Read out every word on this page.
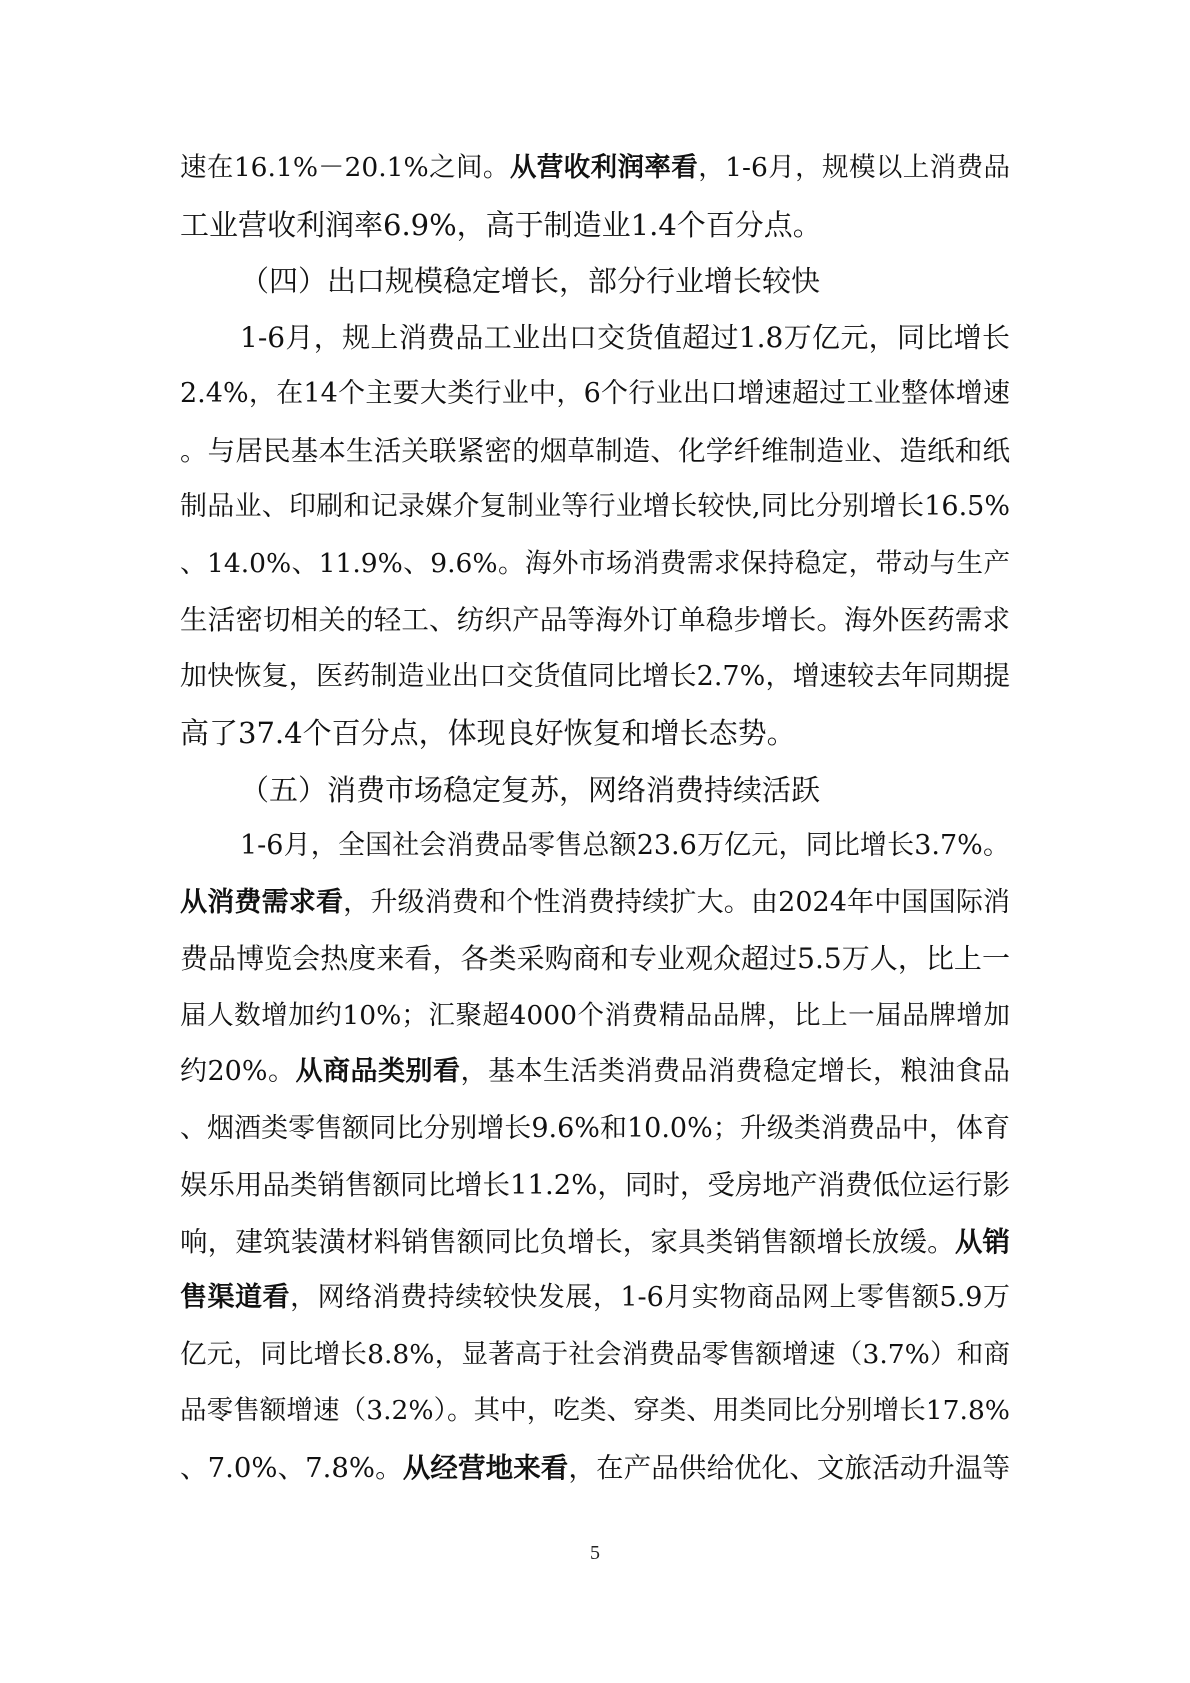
速在16.1%－20.1%之间。从营收利润率看，1-6月，规模以上消费品
工业营收利润率6.9%，高于制造业1.4个百分点。
（四）出口规模稳定增长，部分行业增长较快
1-6月，规上消费品工业出口交货值超过1.8万亿元，同比增长
2.4%，在14个主要大类行业中，6个行业出口增速超过工业整体增速
。与居民基本生活关联紧密的烟草制造、化学纤维制造业、造纸和纸
制品业、印刷和记录媒介复制业等行业增长较快,同比分别增长16.5%
、14.0%、11.9%、9.6%。海外市场消费需求保持稳定，带动与生产
生活密切相关的轻工、纺织产品等海外订单稳步增长。海外医药需求
加快恢复，医药制造业出口交货值同比增长2.7%，增速较去年同期提
高了37.4个百分点，体现良好恢复和增长态势。
（五）消费市场稳定复苏，网络消费持续活跃
1-6月，全国社会消费品零售总额23.6万亿元，同比增长3.7%。
从消费需求看，升级消费和个性消费持续扩大。由2024年中国国际消
费品博览会热度来看，各类采购商和专业观众超过5.5万人，比上一
届人数增加约10%；汇聚超4000个消费精品品牌，比上一届品牌增加
约20%。从商品类别看，基本生活类消费品消费稳定增长，粮油食品
、烟酒类零售额同比分别增长9.6%和10.0%；升级类消费品中，体育
娱乐用品类销售额同比增长11.2%，同时，受房地产消费低位运行影
响，建筑装潢材料销售额同比负增长，家具类销售额增长放缓。从销
售渠道看，网络消费持续较快发展，1-6月实物商品网上零售额5.9万
亿元，同比增长8.8%，显著高于社会消费品零售额增速（3.7%）和商
品零售额增速（3.2%）。其中，吃类、穿类、用类同比分别增长17.8%
、7.0%、7.8%。从经营地来看，在产品供给优化、文旅活动升温等
5
